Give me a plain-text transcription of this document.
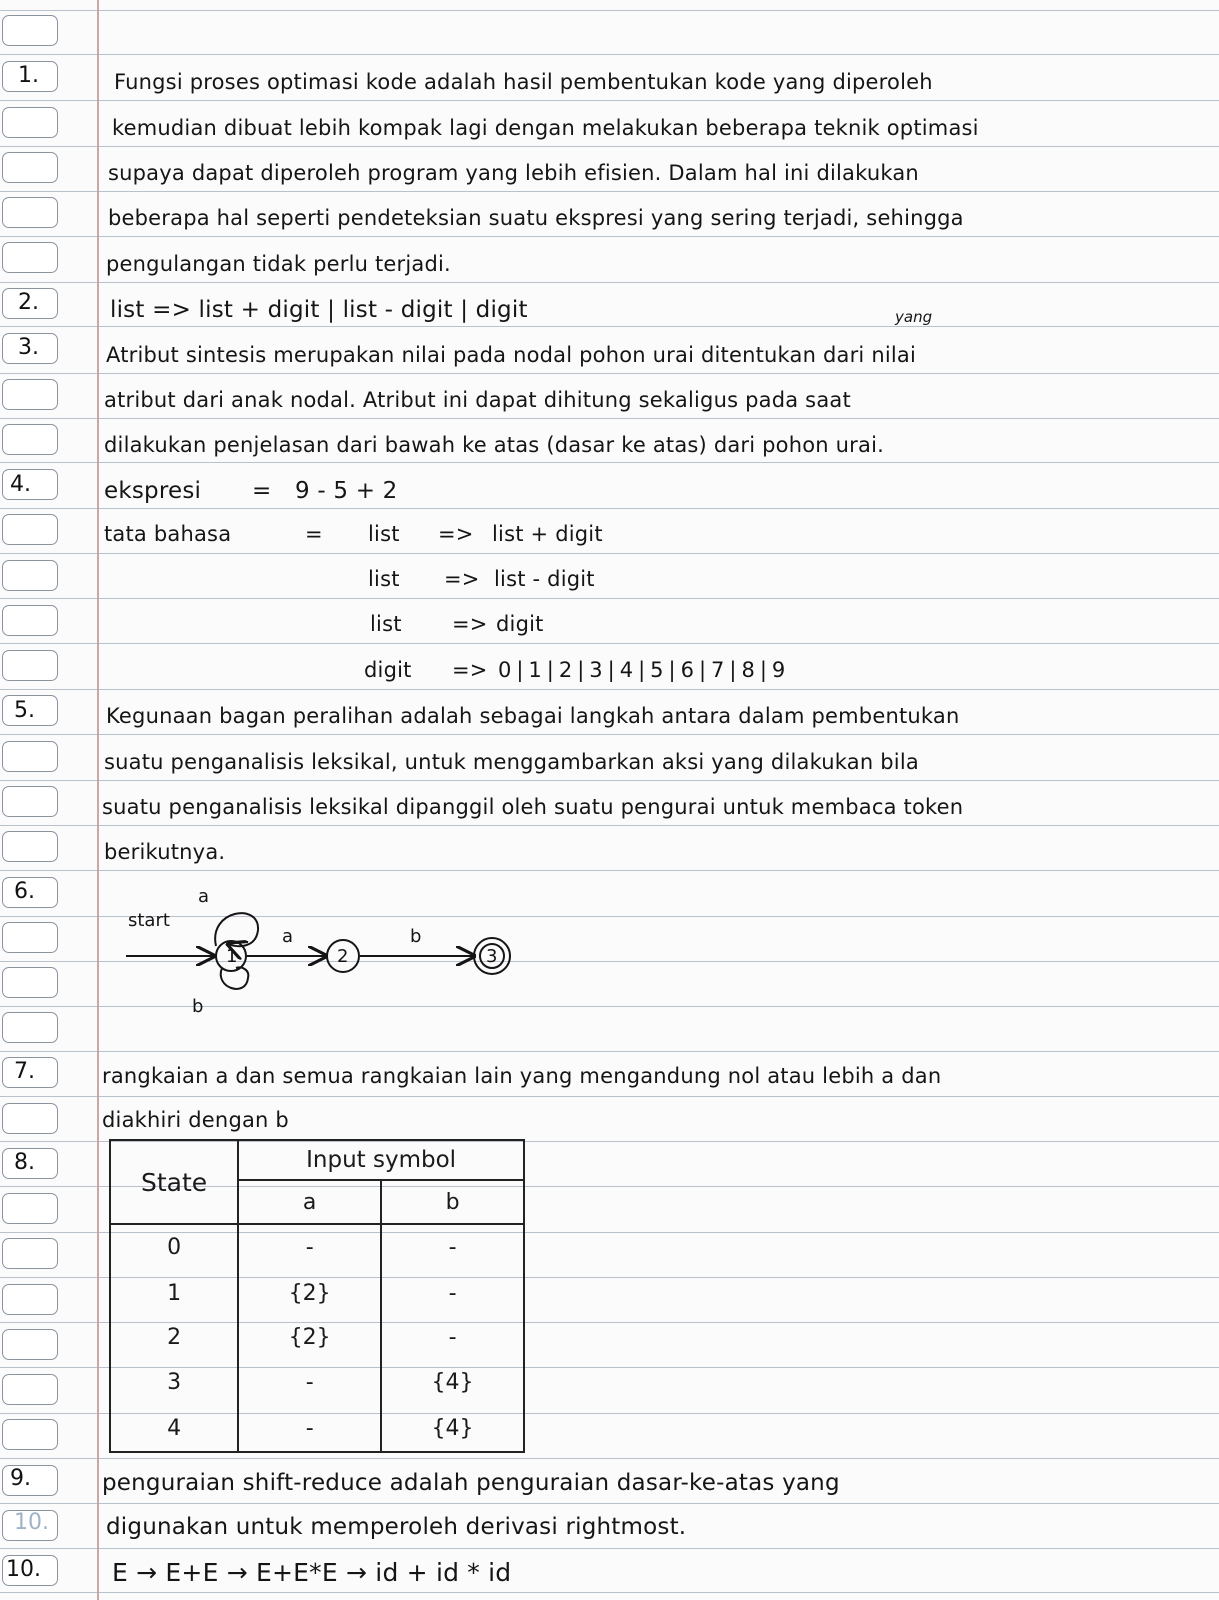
1.
2.
3.
4.
5.
6.
7.
8.
9.
10.
10.
Fungsi proses optimasi kode adalah hasil pembentukan kode yang diperoleh
kemudian dibuat lebih kompak lagi dengan melakukan beberapa teknik optimasi
supaya dapat diperoleh program yang lebih efisien. Dalam hal ini dilakukan
beberapa hal seperti pendeteksian suatu ekspresi yang sering terjadi, sehingga
pengulangan tidak perlu terjadi.
list => list + digit | list - digit | digit	yang
Atribut sintesis merupakan nilai pada nodal pohon urai ditentukan dari nilai
atribut dari anak nodal. Atribut ini dapat dihitung sekaligus pada saat
dilakukan penjelasan dari bawah ke atas (dasar ke atas) dari pohon urai.
ekspresi = 9 - 5 + 2
tata bahasa	= list => list + digit
list => list - digit
list => digit
digit => 0|1|2|3|4|5|6|7|8|9
Kegunaan bagan peralihan adalah sebagai langkah antara dalam pembentukan
suatu penganalisis leksikal, untuk menggambarkan aksi yang dilakukan bila
suatu penganalisis leksikal dipanggil oleh suatu pengurai untuk membaca token
berikutnya.
start
a
b
1
a
2
b
3
rangkaian a dan semua rangkaian lain yang mengandung nol atau lebih a dan
diakhiri dengan b
State	Input symbol	
	a	b
0	-	-
1	{2}	-
2	{2}	-
3	-	{4}
4	-	{4}
penguraian shift-reduce adalah penguraian dasar-ke-atas yang
digunakan untuk memperoleh derivasi rightmost.
E → E+E → E+E*E → id + id * id
